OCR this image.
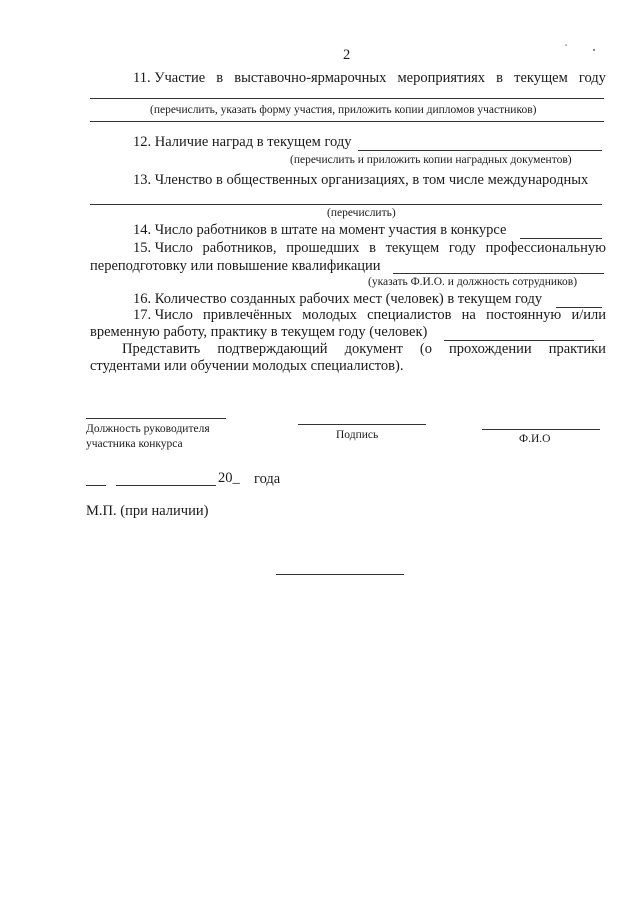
2
11. Участие в выставочно-ярмарочных мероприятиях в текущем году
(перечислить, указать форму участия, приложить копии дипломов участников)
12. Наличие наград в текущем году
(перечислить и приложить копии наградных документов)
13. Членство в общественных организациях, в том числе международных
(перечислить)
14. Число работников в штате на момент участия в конкурсе
15. Число работников, прошедших в текущем году профессиональную
переподготовку или повышение квалификации
(указать Ф.И.О. и должность сотрудников)
16. Количество созданных рабочих мест (человек) в текущем году
17. Число привлечённых молодых специалистов на постоянную и/или
временную работу, практику в текущем году (человек)
Представить подтверждающий документ (о прохождении практики
студентами или обучении молодых специалистов).
Должность руководителя
участника конкурса
Подпись	Ф.И.О
20_ года
М.П. (при наличии)
